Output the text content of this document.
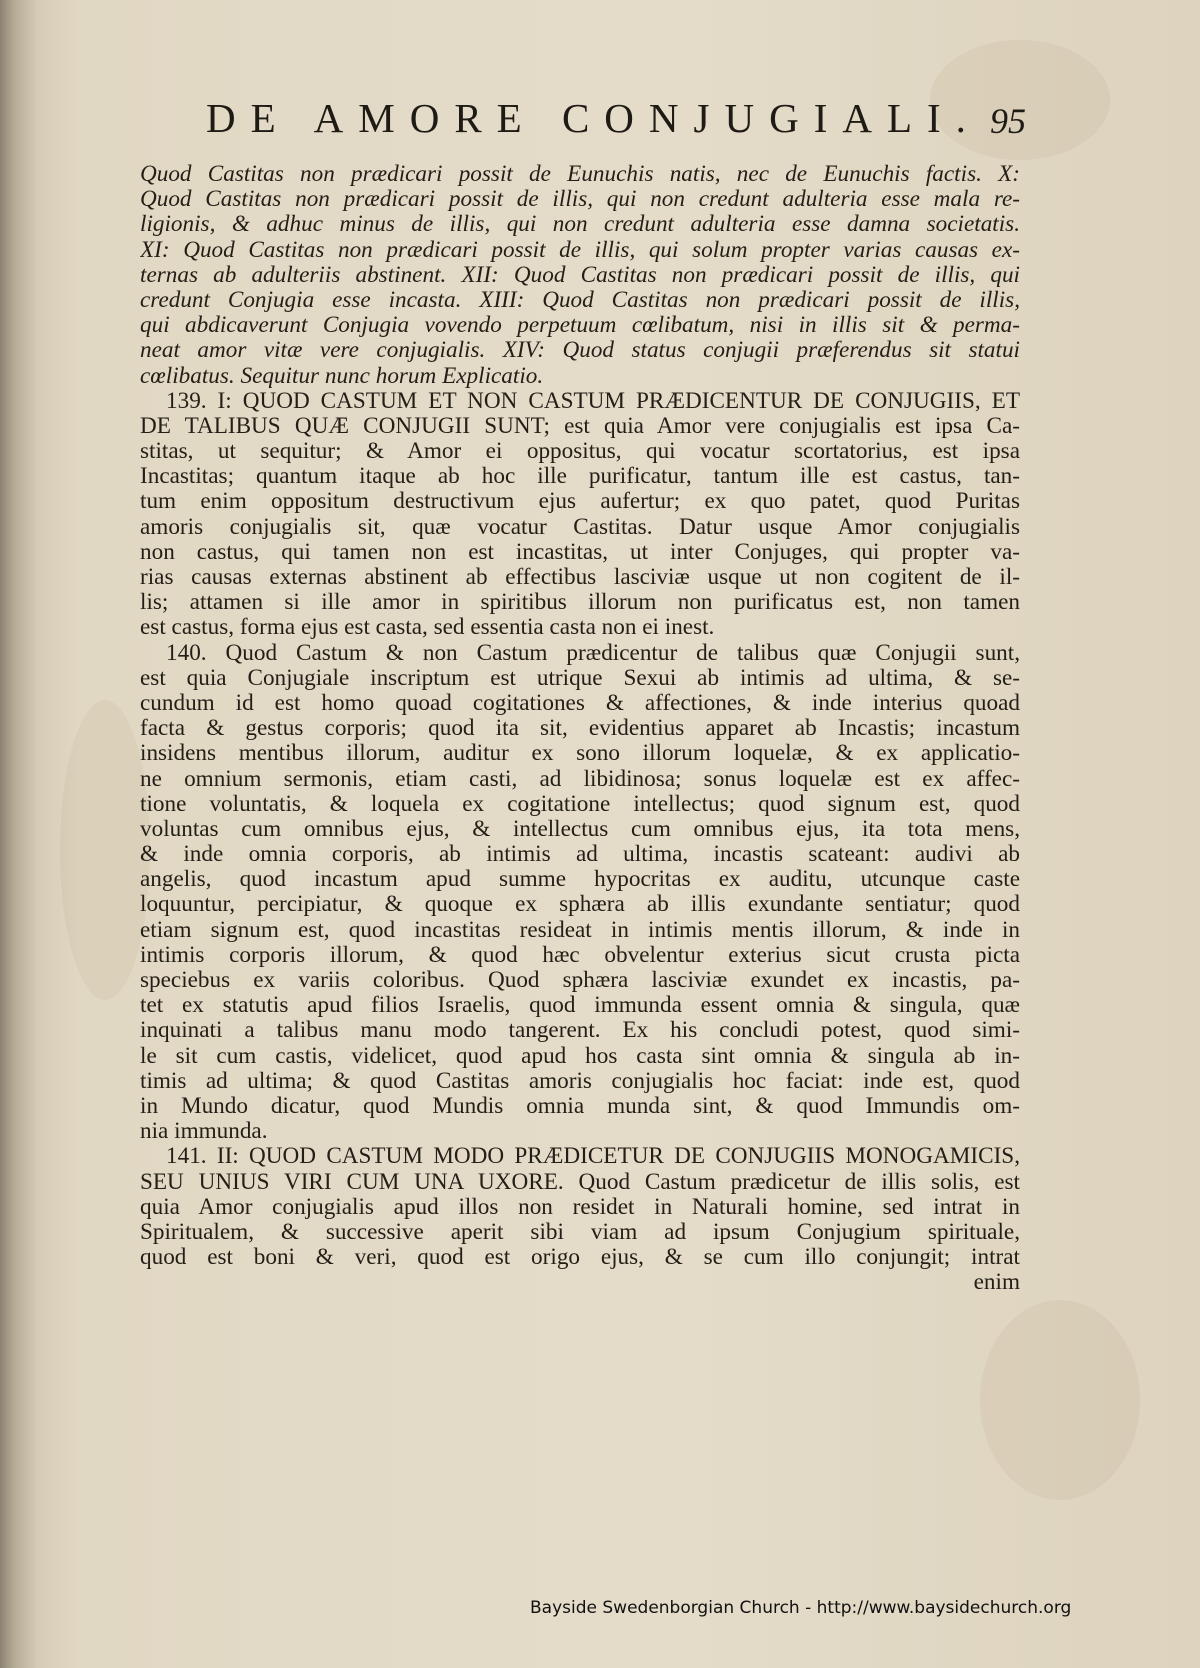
DE AMORE CONJUGIALI. 95
Quod Castitas non prædicari possit de Eunuchis natis, nec de Eunuchis factis. X:
Quod Castitas non prædicari possit de illis, qui non credunt adulteria esse mala re-
ligionis, & adhuc minus de illis, qui non credunt adulteria esse damna societatis.
XI: Quod Castitas non prædicari possit de illis, qui solum propter varias causas ex-
ternas ab adulteriis abstinent. XII: Quod Castitas non prædicari possit de illis, qui
credunt Conjugia esse incasta. XIII: Quod Castitas non prædicari possit de illis,
qui abdicaverunt Conjugia vovendo perpetuum cœlibatum, nisi in illis sit & perma-
neat amor vitæ vere conjugialis. XIV: Quod status conjugii præferendus sit statui
cœlibatus. Sequitur nunc horum Explicatio.
139. I: QUOD CASTUM ET NON CASTUM PRÆDICENTUR DE CONJUGIIS, ET
DE TALIBUS QUÆ CONJUGII SUNT; est quia Amor vere conjugialis est ipsa Ca-
stitas, ut sequitur; & Amor ei oppositus, qui vocatur scortatorius, est ipsa
Incastitas; quantum itaque ab hoc ille purificatur, tantum ille est castus, tan-
tum enim oppositum destructivum ejus aufertur; ex quo patet, quod Puritas
amoris conjugialis sit, quæ vocatur Castitas. Datur usque Amor conjugialis
non castus, qui tamen non est incastitas, ut inter Conjuges, qui propter va-
rias causas externas abstinent ab effectibus lasciviæ usque ut non cogitent de il-
lis; attamen si ille amor in spiritibus illorum non purificatus est, non tamen
est castus, forma ejus est casta, sed essentia casta non ei inest.
140. Quod Castum & non Castum prædicentur de talibus quæ Conjugii sunt,
est quia Conjugiale inscriptum est utrique Sexui ab intimis ad ultima, & se-
cundum id est homo quoad cogitationes & affectiones, & inde interius quoad
facta & gestus corporis; quod ita sit, evidentius apparet ab Incastis; incastum
insidens mentibus illorum, auditur ex sono illorum loquelæ, & ex applicatio-
ne omnium sermonis, etiam casti, ad libidinosa; sonus loquelæ est ex affec-
tione voluntatis, & loquela ex cogitatione intellectus; quod signum est, quod
voluntas cum omnibus ejus, & intellectus cum omnibus ejus, ita tota mens,
& inde omnia corporis, ab intimis ad ultima, incastis scateant: audivi ab
angelis, quod incastum apud summe hypocritas ex auditu, utcunque caste
loquuntur, percipiatur, & quoque ex sphæra ab illis exundante sentiatur; quod
etiam signum est, quod incastitas resideat in intimis mentis illorum, & inde in
intimis corporis illorum, & quod hæc obvelentur exterius sicut crusta picta
speciebus ex variis coloribus. Quod sphæra lasciviæ exundet ex incastis, pa-
tet ex statutis apud filios Israelis, quod immunda essent omnia & singula, quæ
inquinati a talibus manu modo tangerent. Ex his concludi potest, quod simi-
le sit cum castis, videlicet, quod apud hos casta sint omnia & singula ab in-
timis ad ultima; & quod Castitas amoris conjugialis hoc faciat: inde est, quod
in Mundo dicatur, quod Mundis omnia munda sint, & quod Immundis om-
nia immunda.
141. II: QUOD CASTUM MODO PRÆDICETUR DE CONJUGIIS MONOGAMICIS,
SEU UNIUS VIRI CUM UNA UXORE. Quod Castum prædicetur de illis solis, est
quia Amor conjugialis apud illos non residet in Naturali homine, sed intrat in
Spiritualem, & successive aperit sibi viam ad ipsum Conjugium spirituale,
quod est boni & veri, quod est origo ejus, & se cum illo conjungit; intrat
enim
Bayside Swedenborgian Church - http://www.baysidechurch.org
